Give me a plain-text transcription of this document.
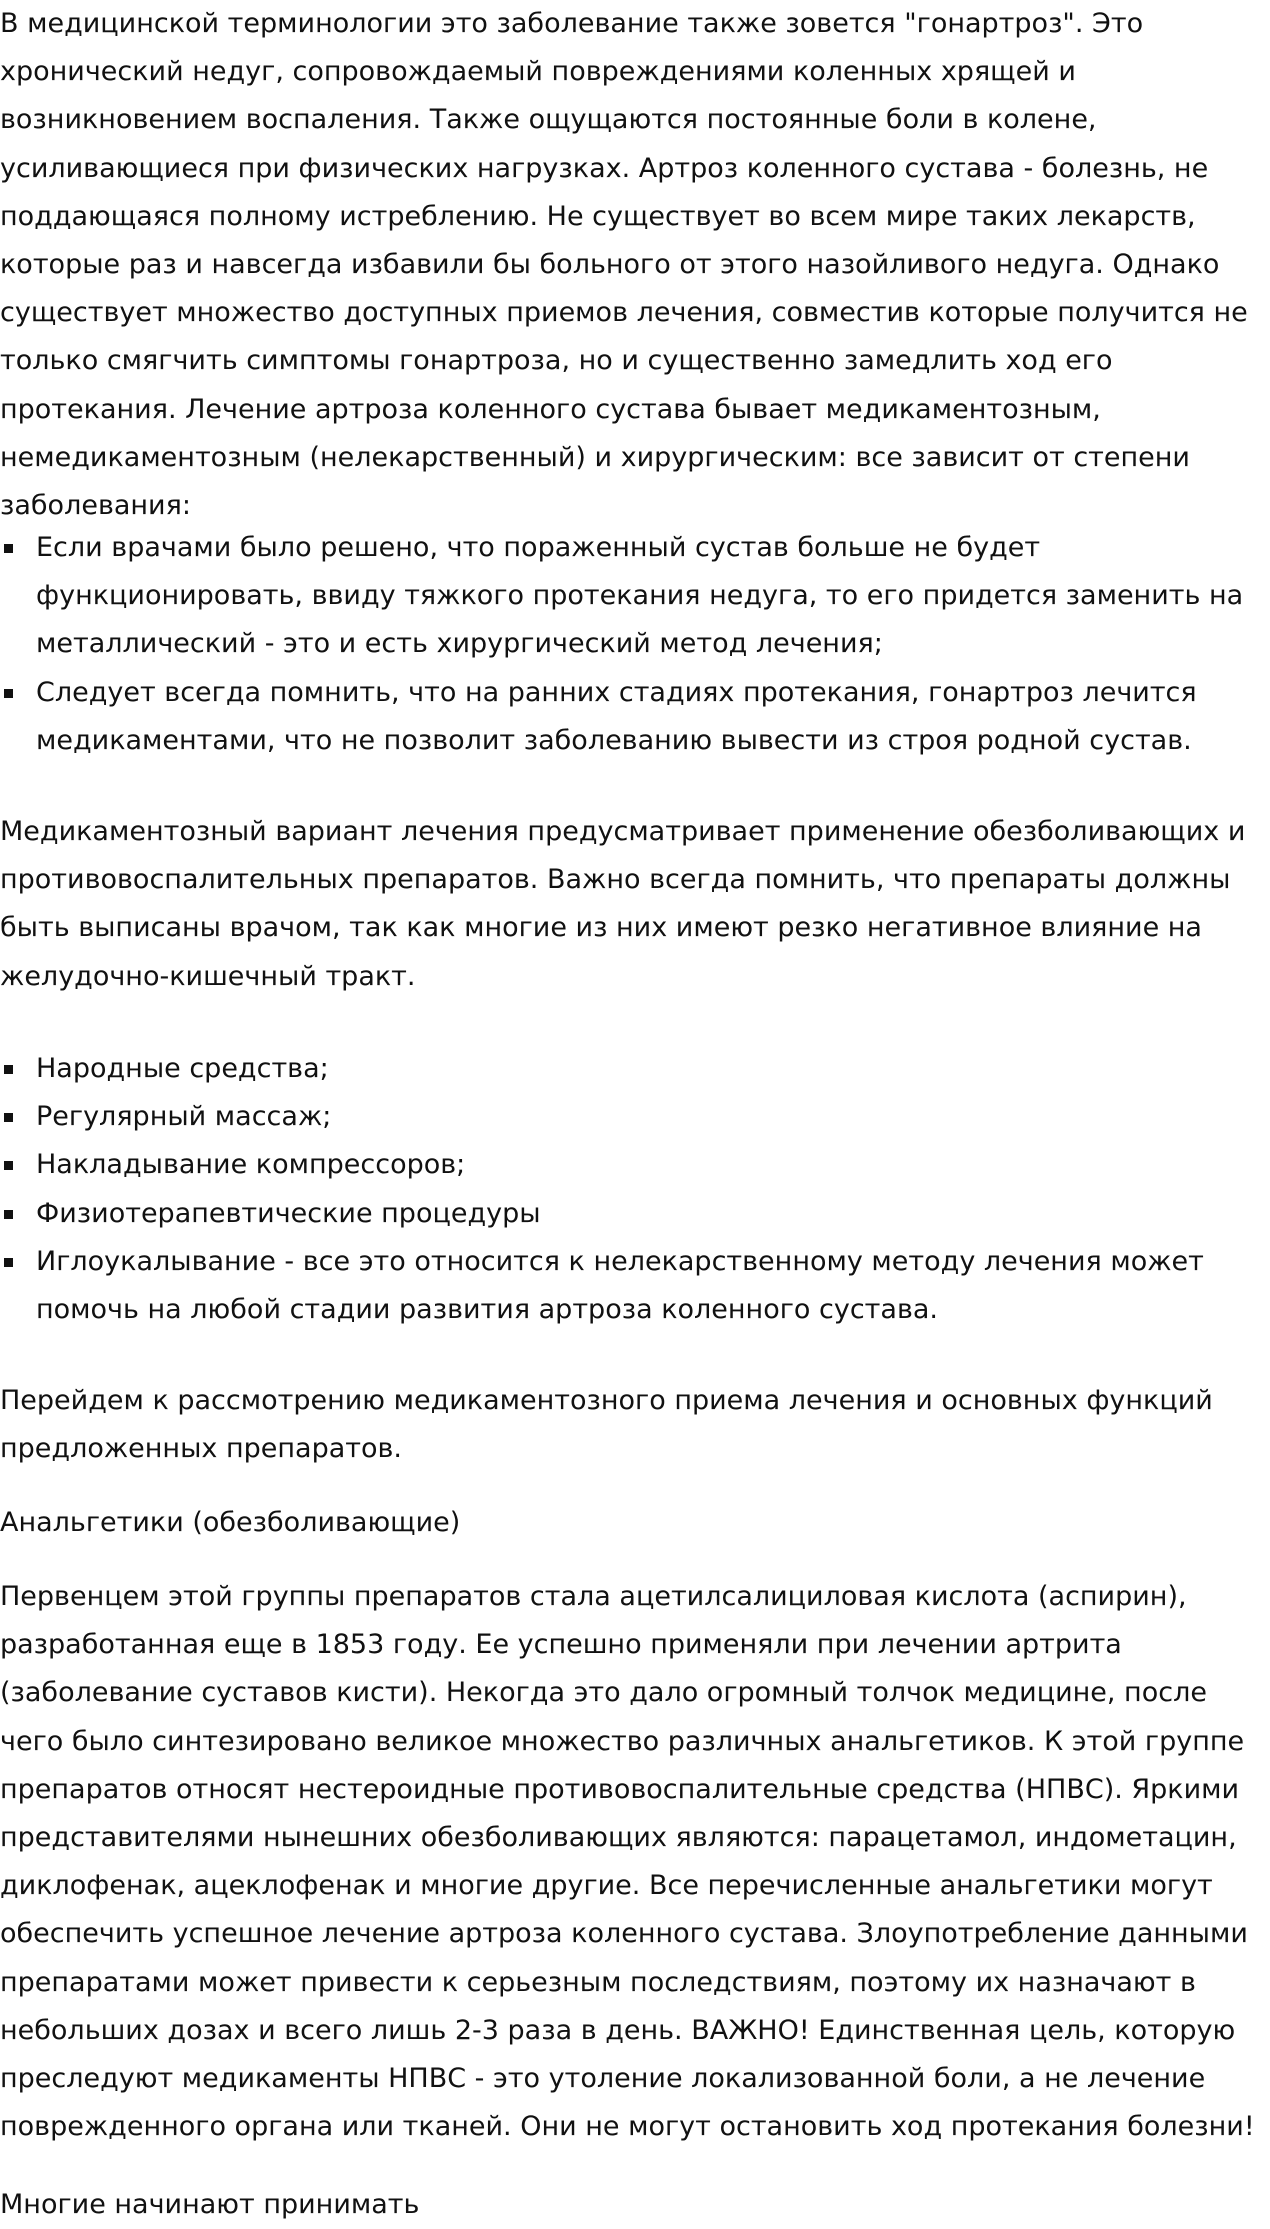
В медицинской терминологии это заболевание также зовется "гонартроз". Это хронический недуг, сопровождаемый повреждениями коленных хрящей и возникновением воспаления. Также ощущаются постоянные боли в колене, усиливающиеся при физических нагрузках. Артроз коленного сустава - болезнь, не поддающаяся полному истреблению. Не существует во всем мире таких лекарств, которые раз и навсегда избавили бы больного от этого назойливого недуга. Однако существует множество доступных приемов лечения, совместив которые получится не только смягчить симптомы гонартроза, но и существенно замедлить ход его протекания. Лечение артроза коленного сустава бывает медикаментозным, немедикаментозным (нелекарственный) и хирургическим: все зависит от степени заболевания:

Если врачами было решено, что пораженный сустав больше не будет функционировать, ввиду тяжкого протекания недуга, то его придется заменить на металлический - это и есть хирургический метод лечения;
Следует всегда помнить, что на ранних стадиях протекания, гонартроз лечится медикаментами, что не позволит заболеванию вывести из строя родной сустав.

Медикаментозный вариант лечения предусматривает применение обезболивающих и противовоспалительных препаратов. Важно всегда помнить, что препараты должны быть выписаны врачом, так как многие из них имеют резко негативное влияние на желудочно-кишечный тракт.

Народные средства;
Регулярный массаж;
Накладывание компрессоров;
Физиотерапевтические процедуры
Иглоукалывание - все это относится к нелекарственному методу лечения может помочь на любой стадии развития артроза коленного сустава.

Перейдем к рассмотрению медикаментозного приема лечения и основных функций предложенных препаратов.

Анальгетики (обезболивающие)

Первенцем этой группы препаратов стала ацетилсалициловая кислота (аспирин), разработанная еще в 1853 году. Ее успешно применяли при лечении артрита (заболевание суставов кисти). Некогда это дало огромный толчок медицине, после чего было синтезировано великое множество различных анальгетиков. К этой группе препаратов относят нестероидные противовоспалительные средства (НПВС). Яркими представителями нынешних обезболивающих являются: парацетамол, индометацин, диклофенак, ацеклофенак и многие другие. Все перечисленные анальгетики могут обеспечить успешное лечение артроза коленного сустава. Злоупотребление данными препаратами может привести к серьезным последствиям, поэтому их назначают в небольших дозах и всего лишь 2-3 раза в день. ВАЖНО! Единственная цель, которую преследуют медикаменты НПВС - это утоление локализованной боли, а не лечение поврежденного органа или тканей. Они не могут остановить ход протекания болезни!

Многие начинают принимать
